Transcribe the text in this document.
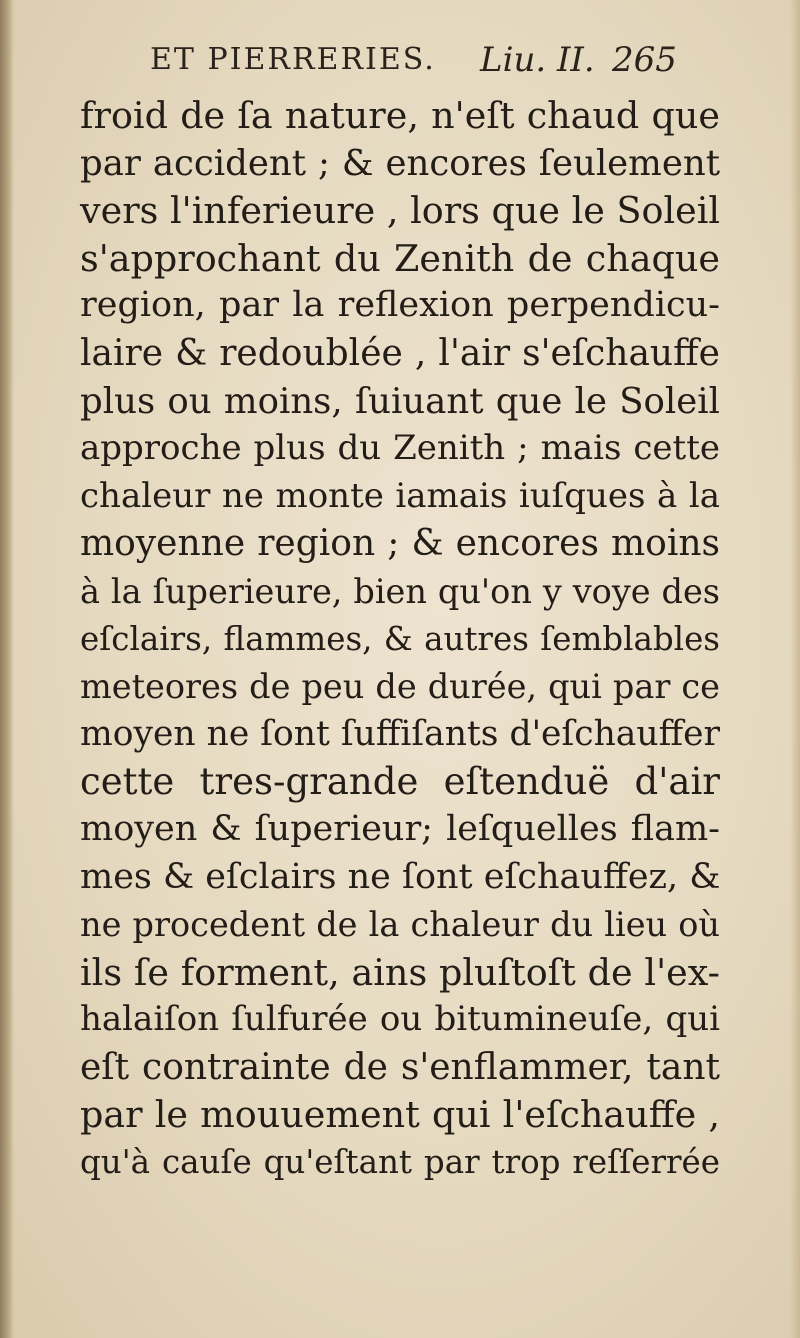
ET PIERRERIES. Liu. II. 265
froid de ſa nature, n'eſt chaud que
par accident ; & encores ſeulement
vers l'inferieure , lors que le Soleil
s'approchant du Zenith de chaque
region, par la reflexion perpendicu-
laire & redoublée , l'air s'eſchauffe
plus ou moins, ſuiuant que le Soleil
approche plus du Zenith ; mais cette
chaleur ne monte iamais iuſques à la
moyenne region ; & encores moins
à la ſuperieure, bien qu'on y voye des
eſclairs, flammes, & autres ſemblables
meteores de peu de durée, qui par ce
moyen ne ſont ſuffiſants d'eſchauffer
cette tres-grande eſtenduë d'air
moyen & ſuperieur; leſquelles flam-
mes & eſclairs ne ſont eſchauffez, &
ne procedent de la chaleur du lieu où
ils ſe forment, ains pluſtoſt de l'ex-
halaiſon ſulfurée ou bitumineuſe, qui
eſt contrainte de s'enflammer, tant
par le mouuement qui l'eſchauffe ,
qu'à cauſe qu'eſtant par trop reſſerrée
